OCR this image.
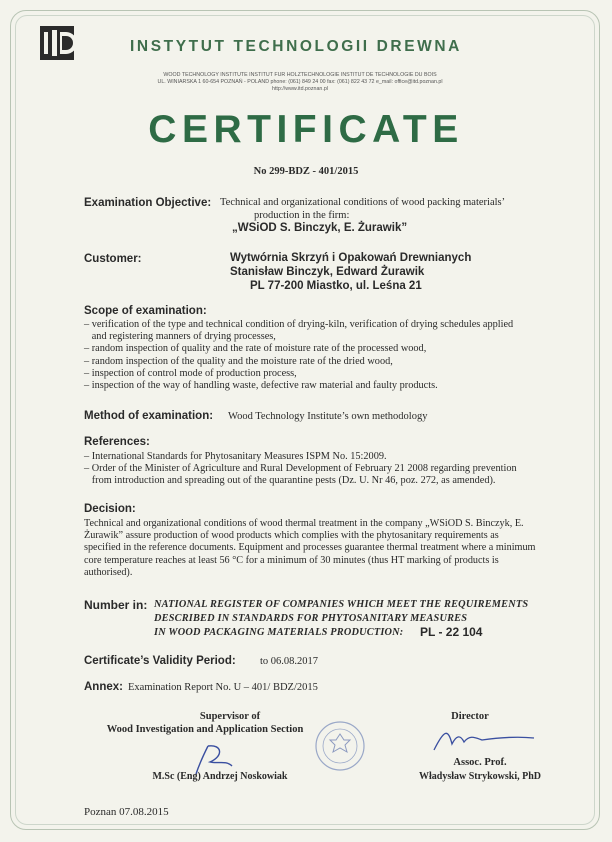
INSTYTUT TECHNOLOGII DREWNA
WOOD TECHNOLOGY INSTITUTE INSTITUT FUR HOLZTECHNOLOGIE INSTITUT DE TECHNOLOGIE DU BOIS
UL. WINIARSKA 1 60-654 POZNAŃ - POLAND phone: (061) 849 24 00 fax: (061) 822 43 72 e_mail: office@itd.poznan.pl
http://www.itd.poznan.pl
CERTIFICATE
No 299-BDZ - 401/2015
Examination Objective: Technical and organizational conditions of wood packing materials’
production in the firm:
„WSiOD S. Binczyk, E. Żurawik”
Customer:	Wytwórnia Skrzyń i Opakowań Drewnianych
Stanisław Binczyk, Edward Żurawik
PL 77-200 Miastko, ul. Leśna 21
Scope of examination:
– verification of the type and technical condition of drying-kiln, verification of drying schedules applied
and registering manners of drying processes,
– random inspection of quality and the rate of moisture rate of the processed wood,
– random inspection of the quality and the moisture rate of the dried wood,
– inspection of control mode of production process,
– inspection of the way of handling waste, defective raw material and faulty products.
Method of examination: Wood Technology Institute’s own methodology
References:
– International Standards for Phytosanitary Measures ISPM No. 15:2009.
– Order of the Minister of Agriculture and Rural Development of February 21 2008 regarding prevention
from introduction and spreading out of the quarantine pests (Dz. U. Nr 46, poz. 272, as amended).
Decision:
Technical and organizational conditions of wood thermal treatment in the company „WSiOD S. Binczyk, E.
Żurawik” assure production of wood products which complies with the phytosanitary requirements as
specified in the reference documents. Equipment and processes guarantee thermal treatment where a minimum
core temperature reaches at least 56 °C for a minimum of 30 minutes (thus HT marking of products is
authorised).
Number in: NATIONAL REGISTER OF COMPANIES WHICH MEET THE REQUIREMENTS
DESCRIBED IN STANDARDS FOR PHYTOSANITARY MEASURES
IN WOOD PACKAGING MATERIALS PRODUCTION: PL - 22 104
Certificate’s Validity Period: to 06.08.2017
Annex: Examination Report No. U – 401/ BDZ/2015
Supervisor of
Wood Investigation and Application Section
M.Sc (Eng) Andrzej Noskowiak
Director
Assoc. Prof.
Władysław Strykowski, PhD
Poznan 07.08.2015
